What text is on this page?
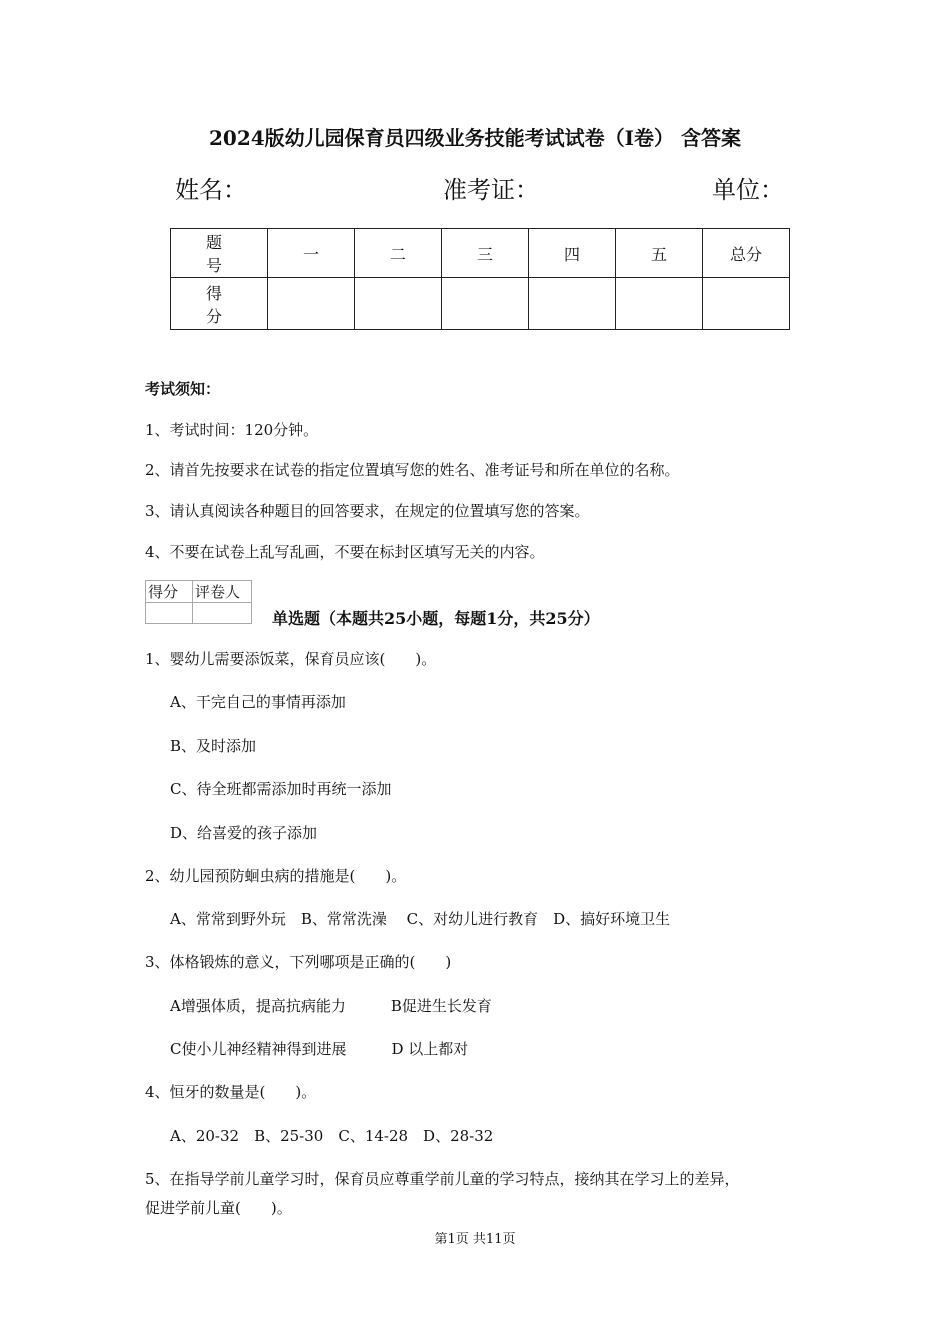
2024版幼儿园保育员四级业务技能考试试卷（I卷） 含答案
姓名：	准考证：	单位：
题 号	一	二	三	四	五	总分
得 分						
考试须知：
1、考试时间：120分钟。
2、请首先按要求在试卷的指定位置填写您的姓名、准考证号和所在单位的名称。
3、请认真阅读各种题目的回答要求，在规定的位置填写您的答案。
4、不要在试卷上乱写乱画，不要在标封区填写无关的内容。
得分	评卷人

单选题（本题共25小题，每题1分，共25分）
1、婴幼儿需要添饭菜，保育员应该(　　)。
A、干完自己的事情再添加
B、及时添加
C、待全班都需添加时再统一添加
D、给喜爱的孩子添加
2、幼儿园预防蛔虫病的措施是(　　)。
A、常常到野外玩　B、常常洗澡　 C、对幼儿进行教育　D、搞好环境卫生
3、体格锻炼的意义，下列哪项是正确的(　　)
A增强体质，提高抗病能力　　　B促进生长发育
C使小儿神经精神得到进展　　　D 以上都对
4、恒牙的数量是(　　)。
A、20-32　B、25-30　C、14-28　D、28-32
5、在指导学前儿童学习时，保育员应尊重学前儿童的学习特点，接纳其在学习上的差异，
促进学前儿童(　　)。
第1页 共11页
